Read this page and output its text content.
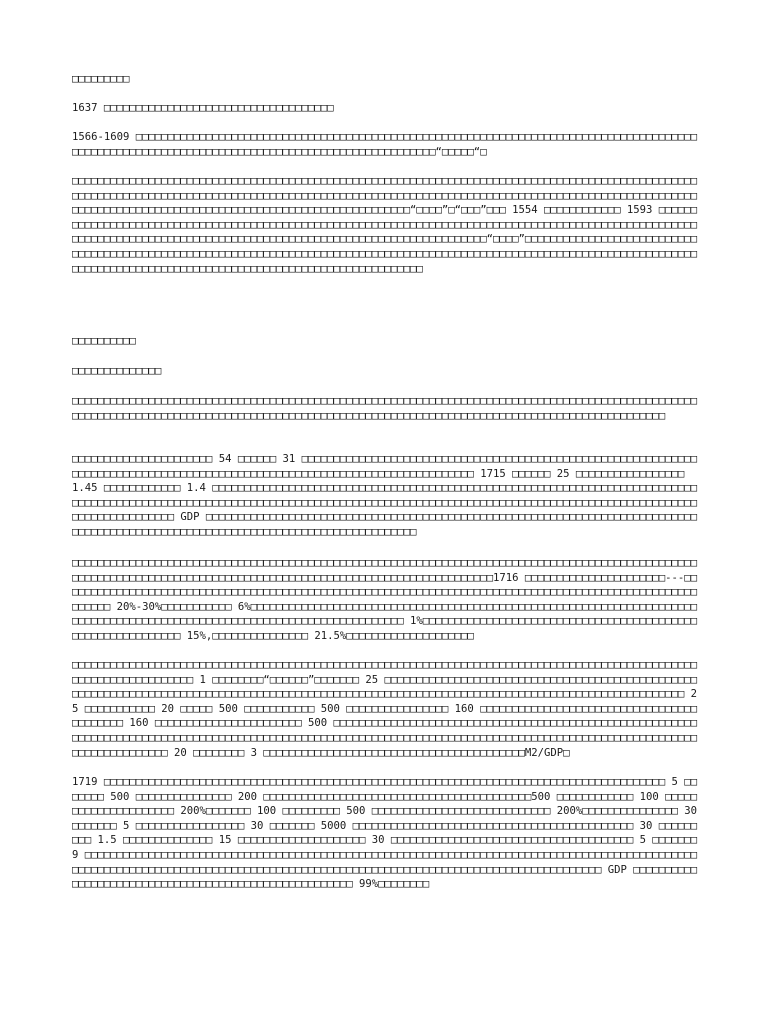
□□□□□□□□□

1637 □□□□□□□□□□□□□□□□□□□□□□□□□□□□□□□□□□□□

1566-1609 □□□□□□□□□□□□□□□□□□□□□□□□□□□□□□□□□□□□□□□□□□□□□□□□□□□□□□□□□□□□□□□□□□□□□□□□□□□□□□□□□□□□□□□□□□□□□□□□□□□□□□□□□□□□□□□□□□□□□□□□□□□□□□□□□□□□□□□□□□□□□□□□□“□□□□□“□

□□□□□□□□□□□□□□□□□□□□□□□□□□□□□□□□□□□□□□□□□□□□□□□□□□□□□□□□□□□□□□□□□□□□□□□□□□□□□□□□□□□□□□□□□□□□□□□□□□□□□□□□□□□□□□□□□□□□□□□□□□□□□□□□□□□□□□□□□□□□□□□□□□□□□□□□□□□□□□□□□□□□□□□□□□□□□□□□□□□□□□□□□□□□□□□□□□□□□□□□□□□□□□□□□□□□□□□□□□□□□□□□□□□□□□□□□□□□□□□□□□□□□□□□□“□□□□”□“□□□”□□□ 1554 □□□□□□□□□□□□ 1593 □□□□□□□□□□□□□□□□□□□□□□□□□□□□□□□□□□□□□□□□□□□□□□□□□□□□□□□□□□□□□□□□□□□□□□□□□□□□□□□□□□□□□□□□□□□□□□□□□□□□□□□□□□□□□□□□□□□□□□□□□□□□□□□□□□□□□□□□□□□□□□□□□□□□□□□□□□□□□□□□□□□□□□□□□“□□□□”□□□□□□□□□□□□□□□□□□□□□□□□□□□□□□□□□□□□□□□□□□□□□□□□□□□□□□□□□□□□□□□□□□□□□□□□□□□□□□□□□□□□□□□□□□□□□□□□□□□□□□□□□□□□□□□□□□□□□□□□□□□□□□□□□□□□□□□□□□□□□□□□□□□□□□□□□□□□□□□□□□□□□□□□□□□□□□□□□□□□

□□□□□□□□□□

□□□□□□□□□□□□□□

□□□□□□□□□□□□□□□□□□□□□□□□□□□□□□□□□□□□□□□□□□□□□□□□□□□□□□□□□□□□□□□□□□□□□□□□□□□□□□□□□□□□□□□□□□□□□□□□□□□□□□□□□□□□□□□□□□□□□□□□□□□□□□□□□□□□□□□□□□□□□□□□□□□□□□□□□□□□□□□□□□□□□□□□□□□□□□□□□□□□□□□□□□□□□□□

□□□□□□□□□□□□□□□□□□□□□□ 54 □□□□□□ 31 □□□□□□□□□□□□□□□□□□□□□□□□□□□□□□□□□□□□□□□□□□□□□□□□□□□□□□□□□□□□□□□□□□□□□□□□□□□□□□□□□□□□□□□□□□□□□□□□□□□□□□□□□□□□□□□□□□□□□□□□□□□□□ 1715 □□□□□□ 25 □□□□□□□□□□□□□□□□□ 1.45 □□□□□□□□□□□□ 1.4 □□□□□□□□□□□□□□□□□□□□□□□□□□□□□□□□□□□□□□□□□□□□□□□□□□□□□□□□□□□□□□□□□□□□□□□□□□□□□□□□□□□□□□□□□□□□□□□□□□□□□□□□□□□□□□□□□□□□□□□□□□□□□□□□□□□□□□□□□□□□□□□□□□□□□□□□□□□□□□□□□□□□□□□□□□□□□□□□□□□□□□□□□□□□□□ GDP □□□□□□□□□□□□□□□□□□□□□□□□□□□□□□□□□□□□□□□□□□□□□□□□□□□□□□□□□□□□□□□□□□□□□□□□□□□□□□□□□□□□□□□□□□□□□□□□□□□□□□□□□□□□□□□□□□□□□□□□□□□□□□□□□□□

□□□□□□□□□□□□□□□□□□□□□□□□□□□□□□□□□□□□□□□□□□□□□□□□□□□□□□□□□□□□□□□□□□□□□□□□□□□□□□□□□□□□□□□□□□□□□□□□□□□□□□□□□□□□□□□□□□□□□□□□□□□□□□□□□□□□□□□□□□□□□□□□□□□□□□□□□□□□□□□□□□□□1716 □□□□□□□□□□□□□□□□□□□□□□---□□□□□□□□□□□□□□□□□□□□□□□□□□□□□□□□□□□□□□□□□□□□□□□□□□□□□□□□□□□□□□□□□□□□□□□□□□□□□□□□□□□□□□□□□□□□□□□□□□□□□□□□□□ 20%-30%□□□□□□□□□□□ 6%□□□□□□□□□□□□□□□□□□□□□□□□□□□□□□□□□□□□□□□□□□□□□□□□□□□□□□□□□□□□□□□□□□□□□□□□□□□□□□□□□□□□□□□□□□□□□□□□□□□□□□□□□□□□□□□□□□□□□□□□□□ 1%□□□□□□□□□□□□□□□□□□□□□□□□□□□□□□□□□□□□□□□□□□□□□□□□□□□□□□□□□□□□ 15%,□□□□□□□□□□□□□□□ 21.5%□□□□□□□□□□□□□□□□□□□□

□□□□□□□□□□□□□□□□□□□□□□□□□□□□□□□□□□□□□□□□□□□□□□□□□□□□□□□□□□□□□□□□□□□□□□□□□□□□□□□□□□□□□□□□□□□□□□□□□□□□□□□□□□□□□□□□□□□□□ 1 □□□□□□□□“□□□□□□”□□□□□□□ 25 □□□□□□□□□□□□□□□□□□□□□□□□□□□□□□□□□□□□□□□□□□□□□□□□□□□□□□□□□□□□□□□□□□□□□□□□□□□□□□□□□□□□□□□□□□□□□□□□□□□□□□□□□□□□□□□□□□□□□□□□□□□□□□□□□□□□□□□□□□□□□□□□□ 25 □□□□□□□□□□□ 20 □□□□□ 500 □□□□□□□□□□□ 500 □□□□□□□□□□□□□□□□ 160 □□□□□□□□□□□□□□□□□□□□□□□□□□□□□□□□□□□□□□□□□□ 160 □□□□□□□□□□□□□□□□□□□□□□□ 500 □□□□□□□□□□□□□□□□□□□□□□□□□□□□□□□□□□□□□□□□□□□□□□□□□□□□□□□□□□□□□□□□□□□□□□□□□□□□□□□□□□□□□□□□□□□□□□□□□□□□□□□□□□□□□□□□□□□□□□□□□□□□□□□□□□□□□□□□□□□□□□□□□□□□□□□□□□□□□□□□□□□□□□□□□□ 20 □□□□□□□□ 3 □□□□□□□□□□□□□□□□□□□□□□□□□□□□□□□□□□□□□□□□□M2/GDP□

1719 □□□□□□□□□□□□□□□□□□□□□□□□□□□□□□□□□□□□□□□□□□□□□□□□□□□□□□□□□□□□□□□□□□□□□□□□□□□□□□□□□□□□□□□□ 5 □□□□□□□ 500 □□□□□□□□□□□□□□□ 200 □□□□□□□□□□□□□□□□□□□□□□□□□□□□□□□□□□□□□□□□□□500 □□□□□□□□□□□□ 100 □□□□□□□□□□□□□□□□□□□□□ 200%□□□□□□□ 100 □□□□□□□□□ 500 □□□□□□□□□□□□□□□□□□□□□□□□□□□□ 200%□□□□□□□□□□□□□□□ 30 □□□□□□□ 5 □□□□□□□□□□□□□□□□□ 30 □□□□□□□ 5000 □□□□□□□□□□□□□□□□□□□□□□□□□□□□□□□□□□□□□□□□□□□□ 30 □□□□□□□□□ 1.5 □□□□□□□□□□□□□□ 15 □□□□□□□□□□□□□□□□□□□□ 30 □□□□□□□□□□□□□□□□□□□□□□□□□□□□□□□□□□□□□□ 5 □□□□□□□ 9 □□□□□□□□□□□□□□□□□□□□□□□□□□□□□□□□□□□□□□□□□□□□□□□□□□□□□□□□□□□□□□□□□□□□□□□□□□□□□□□□□□□□□□□□□□□□□□□□□□□□□□□□□□□□□□□□□□□□□□□□□□□□□□□□□□□□□□□□□□□□□□□□□□□□□□□□□□□□□□□□□□□□□□□□□□□□□□□□□□□ GDP □□□□□□□□□□□□□□□□□□□□□□□□□□□□□□□□□□□□□□□□□□□□□□□□□□□□□□ 99%□□□□□□□□
